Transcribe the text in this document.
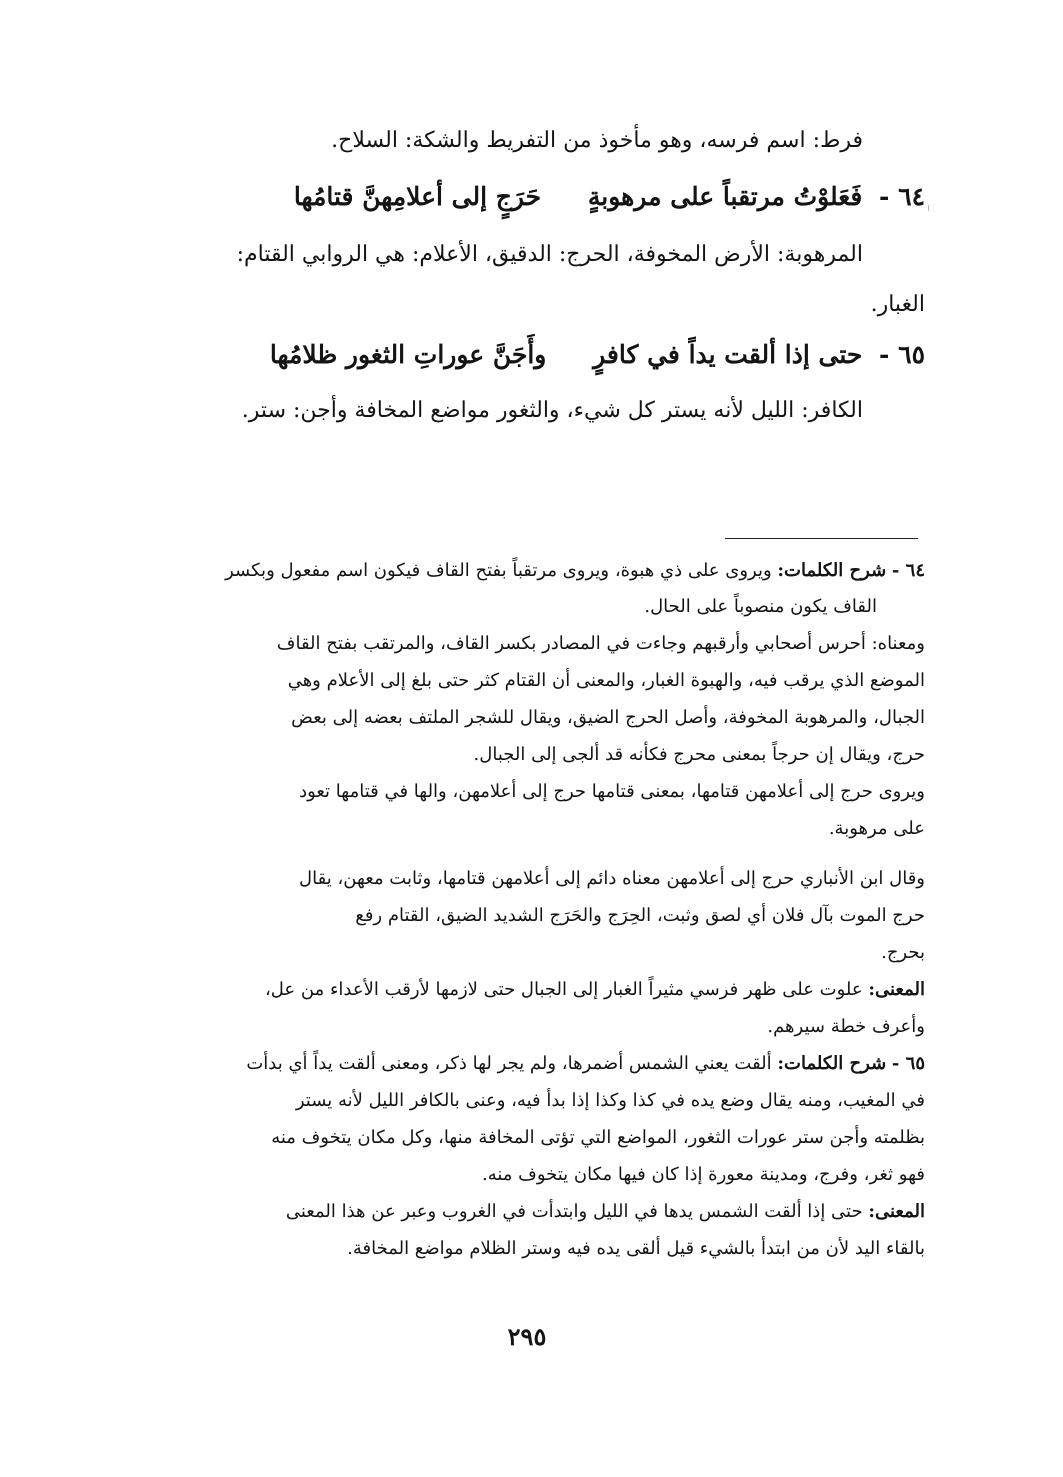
فرط: اسم فرسه، وهو مأخوذ من التفريط والشكة: السلاح.
٦٤ - فَعَلوْتُ مرتقباً على مرهوبةٍ حَرَجٍ إلى أعلامِهنَّ قتامُها
المرهوبة: الأرض المخوفة، الحرج: الدقيق، الأعلام: هي الروابي القتام:
الغبار.
٦٥ - حتى إذا ألقت يداً في كافرٍ وأَجَنَّ عوراتِ الثغور ظلامُها
الكافر: الليل لأنه يستر كل شيء، والثغور مواضع المخافة وأجن: ستر.
٦٤ - شرح الكلمات: ويروى على ذي هبوة، ويروى مرتقباً بفتح القاف فيكون اسم مفعول وبكسر
القاف يكون منصوباً على الحال.
ومعناه: أحرس أصحابي وأرقبهم وجاءت في المصادر بكسر القاف، والمرتقب بفتح القاف
الموضع الذي يرقب فيه، والهبوة الغبار، والمعنى أن القتام كثر حتى بلغ إلى الأعلام وهي
الجبال، والمرهوبة المخوفة، وأصل الحرج الضيق، ويقال للشجر الملتف بعضه إلى بعض
حرج، ويقال إن حرجاً بمعنى محرج فكأنه قد ألجى إلى الجبال.
ويروى حرج إلى أعلامهن قتامها، بمعنى قتامها حرج إلى أعلامهن، والها في قتامها تعود
على مرهوبة.
وقال ابن الأنباري حرج إلى أعلامهن معناه دائم إلى أعلامهن قتامها، وثابت معهن، يقال
حرج الموت بآل فلان أي لصق وثبت، الحِرَج والحَرَج الشديد الضيق، القتام رفع
بحرج.
المعنى: علوت على ظهر فرسي مثيراً الغبار إلى الجبال حتى لازمها لأرقب الأعداء من عل،
وأعرف خطة سيرهم.
٦٥ - شرح الكلمات: ألقت يعني الشمس أضمرها، ولم يجر لها ذكر، ومعنى ألقت يداً أي بدأت
في المغيب، ومنه يقال وضع يده في كذا وكذا إذا بدأ فيه، وعنى بالكافر الليل لأنه يستر
بظلمته وأجن ستر عورات الثغور، المواضع التي تؤتى المخافة منها، وكل مكان يتخوف منه
فهو ثغر، وفرج، ومدينة معورة إذا كان فيها مكان يتخوف منه.
المعنى: حتى إذا ألقت الشمس يدها في الليل وابتدأت في الغروب وعبر عن هذا المعنى
بالقاء اليد لأن من ابتدأ بالشيء قيل ألقى يده فيه وستر الظلام مواضع المخافة.
٢٩٥
